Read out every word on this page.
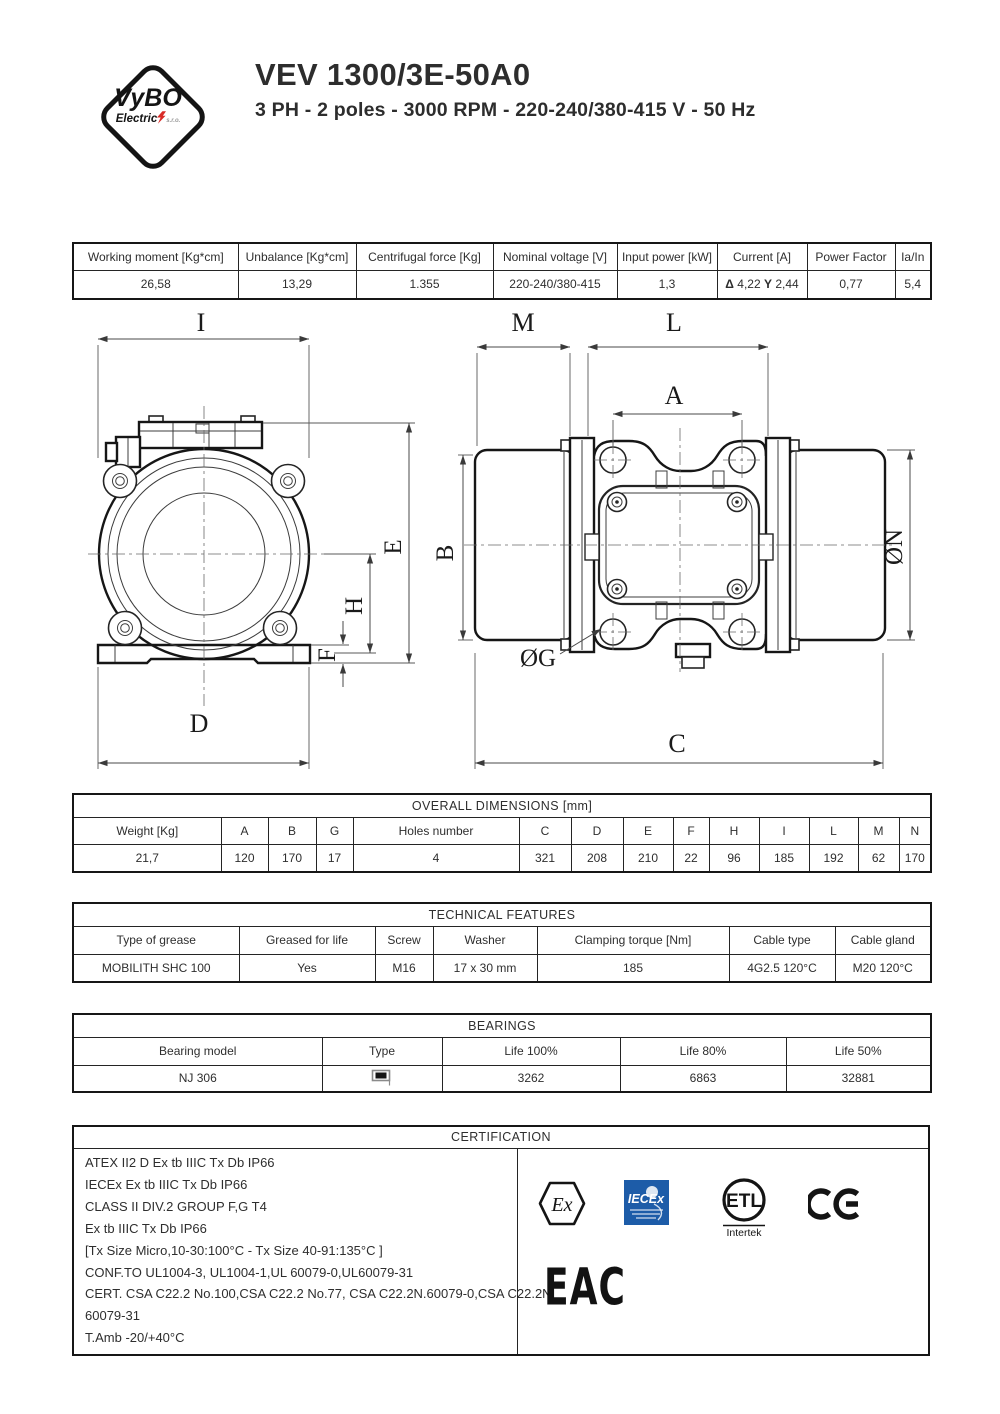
VyBO
Electric s.r.o.
VEV 1300/3E-50A0
3 PH - 2 poles - 3000 RPM - 220-240/380-415 V - 50 Hz
Working moment [Kg*cm]	Unbalance [Kg*cm]	Centrifugal force [Kg]	Nominal voltage [V]	Input power [kW]	Current [A]	Power Factor	Ia/In
26,58	13,29	1.355	220-240/380-415	1,3	Δ 4,22 Y 2,44	0,77	5,4
I
E
H
F
D
M	L
A
B	ØN
ØG
C
OVERALL DIMENSIONS [mm]													
Weight [Kg]	A	B	G	Holes number	C	D	E	F	H	I	L	M	N
21,7	120	170	17	4	321	208	210	22	96	185	192	62	170
TECHNICAL FEATURES						
Type of grease	Greased for life	Screw	Washer	Clamping torque [Nm]	Cable type	Cable gland
MOBILITH SHC 100	Yes	M16	17 x 30 mm	185	4G2.5 120°C	M20 120°C
BEARINGS				
Bearing model	Type	Life 100%	Life 80%	Life 50%
NJ 306		3262	6863	32881
CERTIFICATION

ATEX II2 D Ex tb IIIC Tx Db IP66

IECEx Ex tb IIIC Tx Db IP66

CLASS II DIV.2 GROUP F,G T4

Ex tb IIIC Tx Db IP66

[Tx Size Micro,10-30:100°C - Tx Size 40-91:135°C ]

CONF.TO UL1004-3, UL1004-1,UL 60079-0,UL60079-31

CERT. CSA C22.2 No.100,CSA C22.2 No.77, CSA C22.2N.60079-0,CSA C22.2N.

60079-31

T.Amb -20/+40°C

Ex	IECEx	ETL
Intertek
EAC
